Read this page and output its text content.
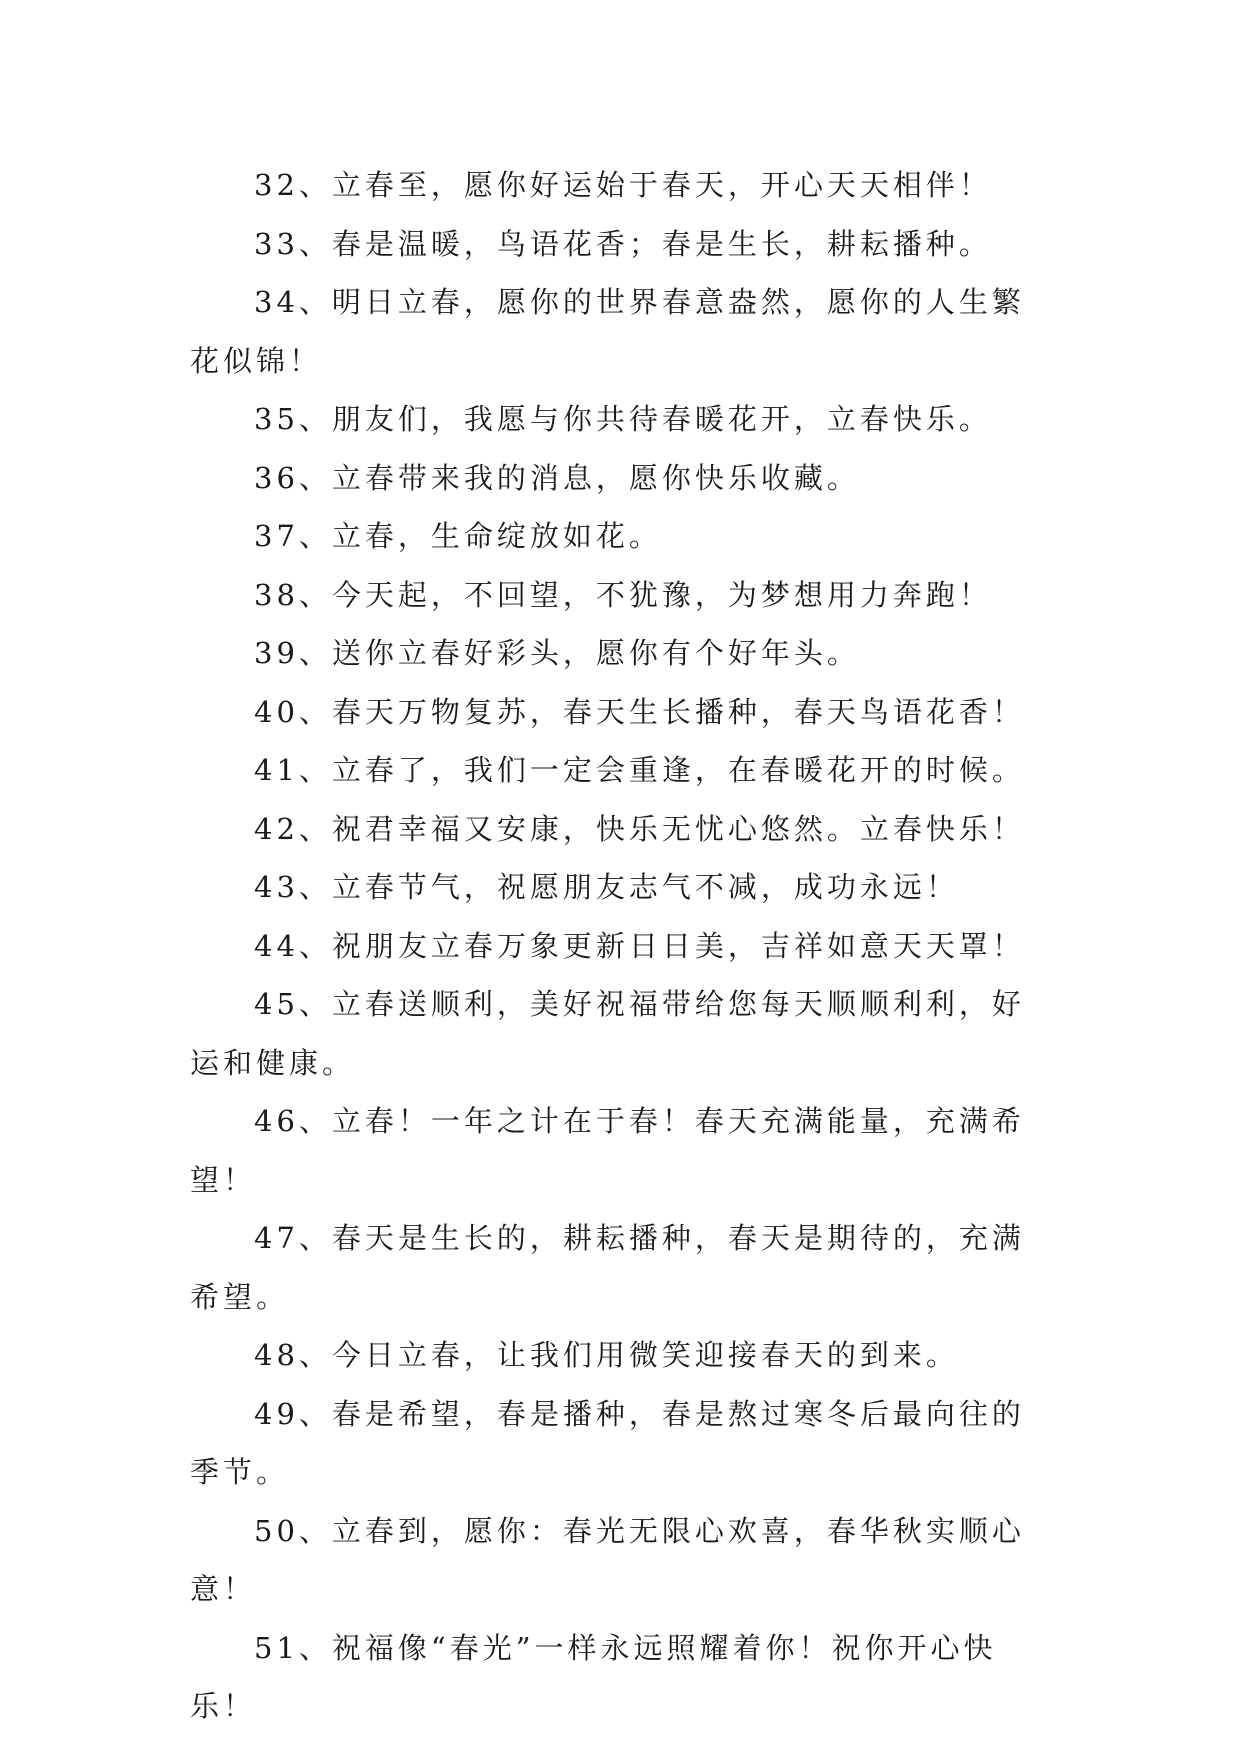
32、立春至，愿你好运始于春天，开心天天相伴！

33、春是温暖，鸟语花香；春是生长，耕耘播种。

34、明日立春，愿你的世界春意盎然，愿你的人生繁花似锦！

35、朋友们，我愿与你共待春暖花开，立春快乐。

36、立春带来我的消息，愿你快乐收藏。

37、立春，生命绽放如花。

38、今天起，不回望，不犹豫，为梦想用力奔跑！

39、送你立春好彩头，愿你有个好年头。

40、春天万物复苏，春天生长播种，春天鸟语花香！

41、立春了，我们一定会重逢，在春暖花开的时候。

42、祝君幸福又安康，快乐无忧心悠然。立春快乐！

43、立春节气，祝愿朋友志气不减，成功永远！

44、祝朋友立春万象更新日日美，吉祥如意天天罩！

45、立春送顺利，美好祝福带给您每天顺顺利利，好运和健康。

46、立春！一年之计在于春！春天充满能量，充满希望！

47、春天是生长的，耕耘播种，春天是期待的，充满希望。

48、今日立春，让我们用微笑迎接春天的到来。

49、春是希望，春是播种，春是熬过寒冬后最向往的季节。

50、立春到，愿你：春光无限心欢喜，春华秋实顺心意！

51、祝福像“春光”一样永远照耀着你！祝你开心快乐！
